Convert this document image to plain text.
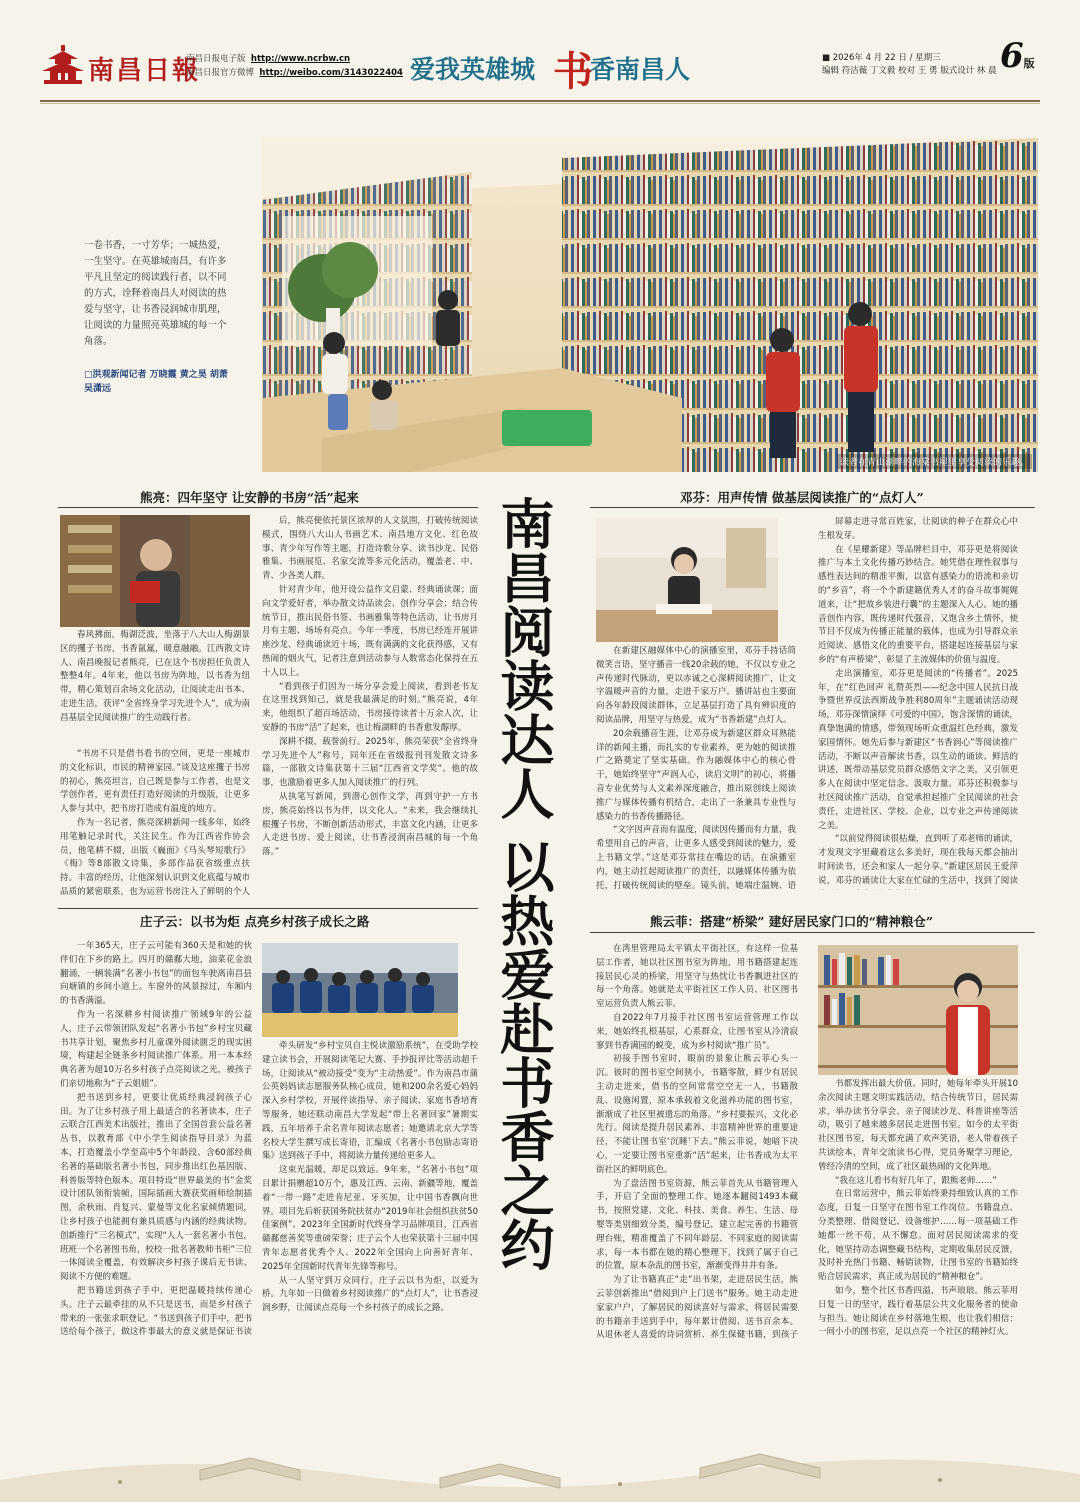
南昌日報
南昌日报电子版 http://www.ncrbw.cn
南昌日报官方微博 http://weibo.com/3143022404 爱我英雄城 书
香南昌人	■ 2026年 4 月 22 日 / 星期三
编辑 符洁薇 丁文毅 校对 王 勇 版式设计 林 晨 6版
一卷书香，一寸芳华；一城热爱，一生坚守。在英雄城南昌，有许多平凡且坚定的阅读践行者，以不同的方式，诠释着南昌人对阅读的热爱与坚守，让书香浸润城市肌理，让阅读的力量照亮英雄城的每一个角落。
□洪观新闻记者 万晓霞 黄之昊 胡萧 吴潇远
读者在青山湖畔的海棠书屋里享受阅读的乐趣。
南昌阅读达人 以热爱赴书香之约
熊亮：四年坚守 让安静的书房“活”起来

春风拂面，梅湖泛波，坐落于八大山人梅湖景区的攫子书房，书香氤氲，暖意融融。江西散文诗人、南昌晚报记者熊亮，已在这个书房担任负责人整整4年。4年来，他以书房为阵地，以书香为纽带，精心策划百余场文化活动，让阅读走出书本、走进生活，获评“全省终身学习先进个人”，成为南昌基层全民阅读推广的生动践行者。

“书房不只是借书看书的空间，更是一座城市的文化标识，市民的精神家园。”谈及这座攫子书房的初心，熊亮坦言，自己既是参与工作者，也是文学创作者，更有责任打造好阅读的升级版，让更多人参与其中，把书房打造成有温度的地方。

作为一名记者，熊亮深耕新闻一线多年，始终用笔触记录时代，关注民生。作为江西省作协会员，他笔耕不辍，出版《巍面》《马头琴短歌行》《梅》等8部散文诗集，多部作品获省级重点扶持。丰富的经历，让他深刻认识到文化底蕴与城市品质的紧密联系，也为运营书房注入了鲜明的个人

后，熊亮便依托景区浓厚的人文氛围，打破传统阅读模式，围绕八大山人书画艺术、南昌地方文化、红色故事、青少年写作等主题，打造诗歌分享、读书沙龙、民俗雅集、书画展览、名家交流等多元化活动，覆盖老、中、青、少各类人群。

针对青少年，他开设公益作文启蒙、经典诵读课；面向文学爱好者，举办散文诗品读会、创作分享会；结合传统节日，推出民俗书签、书画雅集等特色活动，让书房月月有主题、场场有亮点。今年一季度，书房已经连开展讲座沙龙、经典诵读近十场，既有满满的文化获得感，又有热闹的烟火气，记者注意到活动参与人数常态化保持在五十人以上。

“看到孩子们因为一场分享会爱上阅读，看到老书友在这里找到知己，就是我最满足的时刻。”熊亮说，4年来，他组织了超百场活动，书房接待读者十万余人次，让安静的书房“活”了起来，也让梅湖畔的书香愈发醇厚。

深耕不辍，载誉前行。2025年，熊亮荣获“全省终身学习先进个人”称号，同年还在省级报刊刊发散文诗多篇，一部散文诗集获第十三届“江西省文学奖”。他的故事，也激励着更多人加入阅读推广的行列。

从执笔写新闻，到潜心创作文学，再到守护一方书房，熊亮始终以书为伴，以文化人。“未来，我会继续扎根攫子书房，不断创新活动形式，丰富文化内涵，让更多人走进书房、爱上阅读，让书香浸润南昌城的每一个角落。”

庄子云：以书为炬 点亮乡村孩子成长之路

一年365天，庄子云可能有360天是和她的伙伴们在下乡的路上。四月的赣鄱大地，油菜花金浪翻涌，一辆装满“名著小书包”的面包车驶离南昌县向塘镇的乡间小道上。车窗外的风景掠过，车厢内的书香满溢。

作为一名深耕乡村阅读推广领域9年的公益人，庄子云带领团队发起“名著小书包”乡村宝贝藏书共享计划，聚焦乡村儿童课外阅读匮乏的现实困境，构建起全链条乡村阅读推广体系。用一本本经典名著为超10万名乡村孩子点亮阅读之光，被孩子们亲切地称为“子云姐姐”。

把书送到乡村，更要让优质经典浸润孩子心田。为了让乡村孩子用上最适合的名著读本，庄子云联合江西美术出版社，推出了全国首套公益名著丛书，以教育部《中小学生阅读指导目录》为蓝本，打造覆盖小学至高中5个年龄段、含60部经典名著的基础版名著小书包，同步推出红色基因版、科普版等特色版本。项目特设“世界最美的书”金奖设计团队领衔装帧，国际插画大赛获奖画师绘制插图，余秋雨、肖复兴、蒙曼等文化名家倾情题词，让乡村孩子也能拥有兼具质感与内涵的经典读物。创新推行“三名模式”，实现“人人一套名著小书包，班班一个名著图书角，校校一批名著教师书柜”三位一体阅读全覆盖，有效解决乡村孩子课后无书读、阅读不方便的难题。

把书籍送到孩子手中，更把温暖持续传递心头。庄子云最牵挂的从不只是送书，而是乡村孩子带来的一张张求职登记。“书送到孩子们手中，把书送给每个孩子，做这件事最大的意义就是保证书读

牵头研发“乡村宝贝自主悦读激励系统”，在受助学校建立读书会，开展阅读笔记大赛、手抄报评比等活动超千场，让阅读从“被动接受”变为“主动热爱”。作为南昌市蒲公英妈妈读志愿服务队核心成员，她和200余名爱心妈妈深入乡村学校，开展伴读指导、亲子阅读、家庭书香培育等服务，她还联动南昌大学发起“带上名著回家”暑期实践，五年培养千余名青年阅读志愿者；她邀请北京大学等名校大学生撰写成长寄语，汇编成《名著小书包励志寄语集》送到孩子手中，将阅读力量传递给更多人。

这束光温暖，却足以致远。9年来，“名著小书包”项目累计捐赠超10万个，惠及江西、云南、新疆等地，覆盖着“一带一路”走进肯尼亚、牙买加，让中国书香飘向世界。项目先后斩获国务院扶贫办“2019年社会组织扶贫50佳案例”、2023年全国新时代终身学习品牌项目，江西省赣鄱慈善奖等重磅荣誉；庄子云个人也荣获第十三届中国青年志愿者优秀个人、2022年全国向上向善好青年、2025年全国新时代青年先锋等称号。

从一人坚守到万众同行，庄子云以书为炬，以爱为桥。九年如一日做着乡村阅读推广的“点灯人”，让书香浸润乡野，让阅读点亮每一个乡村孩子的成长之路。

邓芬：用声传情 做基层阅读推广的“点灯人”

在新建区融媒体中心的演播室里，邓芬手持话筒微笑言语，坚守播音一线20余载的她，不仅以专业之声传递时代脉动，更以赤诚之心深耕阅读推广，让文字温暖声音的力量，走进千家万户。播讲站也主要面向各年龄段阅读群体，立足基层打造了具有辨识度的阅读品牌，用坚守与热爱，成为“书香新建”点灯人。

20余载播音生涯，让邓芬成为新建区群众耳熟能详的新闻主播，而扎实的专业素养，更为她的阅读推广之路奠定了坚实基础。作为融媒体中心的核心骨干，她始终坚守“声润人心，读启文明”的初心，将播音专业优势与人文素养深度融合，推出原创线上阅读推广与媒体传播有机结合，走出了一条兼具专业性与感染力的书香传播路径。

“文字因声音而有温度，阅读因传播而有力量，我希望用自己的声音，让更多人感受到阅读的魅力，爱上书籍文学。”这是邓芬常挂在嘴边的话。在演播室内，她主动扛起阅读推广的责任，以融媒体传播为依托，打破传统阅读的壁垒。镜头前，她端庄温婉、语

屏幕走进寻常百姓家，让阅读的种子在群众心中生根发芽。

在《星耀新建》等品牌栏目中，邓芬更是将阅读推广与本土文化传播巧妙结合。她凭借在理性叙事与感性表达间的精准平衡，以富有感染力的语流和亲切的“乡音”，将一个个新建籍优秀人才的奋斗故事娓娓道来，让“把故乡装进行囊”的主题深入人心。她的播音创作内容，既传递时代强音，又饱含乡土情怀，使节目不仅成为传播正能量的载体，也成为引导群众亲近阅读、感悟文化的重要平台，搭建起连接基层与家乡的“有声桥梁”，彰显了主流媒体的价值与温度。

走出演播室，邓芬更是阅读的“传播者”。2025年，在“红色回声 礼赞英烈——纪念中国人民抗日战争暨世界反法西斯战争胜利80周年”主题诵读活动现场，邓芬深情演绎《可爱的中国》，饱含深情的诵读，真挚饱满的情感，带领现场听众重温红色经典，激发家国情怀。她先后参与新建区“书香润心”等阅读推广活动，不断以声音解读书香，以生动的诵读、鲜活的讲述，既带动基层党员群众感悟文字之美，又引领更多人在阅读中坚定信念、汲取力量。邓芬还积极参与社区阅读推广活动，自觉承担起推广全民阅读的社会责任，走进社区、学校、企业，以专业之声传递阅读之美。

“以前觉得阅读很枯燥，直到听了邓老师的诵读，才发现文字里藏着这么多美好，现在我每天都会抽出时间读书，还会和家人一起分享。”新建区居民王爱萍说，邓芬的诵读让大家在忙碌的生活中，找到了阅读

熊云菲：搭建“桥梁” 建好居民家门口的“精神粮仓”

在湾里管理局太平镇太平街社区，有这样一位基层工作者，她以社区图书室为阵地，用书籍搭建起连接居民心灵的桥梁，用坚守与热忱让书香飘进社区的每一个角落。她就是太平街社区工作人员、社区图书室运营负责人熊云菲。

自2022年7月接手社区图书室运营管理工作以来，她始终扎根基层，心系群众，让图书室从冷清寂寥到书香满园的蜕变，成为乡村阅读“推广员”。

初接手图书室时，眼前的景象让熊云菲心头一沉。彼时的图书室空间狭小，书籍零散，鲜少有居民主动走进来，借书的空间常常空空无一人，书籍散乱、设施闲置，原本承载着文化滋养功能的图书室，渐渐成了社区里被遗忘的角落。“乡村要振兴，文化必先行。阅读是提升居民素养、丰富精神世界的重要途径，不能让图书室‘沉睡’下去。”熊云菲说，她暗下决心，一定要让图书室重新“活”起来，让书香成为太平街社区的鲜明底色。

为了盘活图书室资源，熊云菲首先从书籍管理入手，开启了全面的整理工作。她逐本翻阅1493本藏书，按照党建、文化、科技、美食、养生、生活、母婴等类别细致分类，编号登记，建立起完善的书籍管理台账，精准覆盖了不同年龄层、不同家庭的阅读需求，每一本书都在她的精心整理下，找到了属于自己的位置，原本杂乱的图书室，渐渐变得井井有条。

为了让书籍真正“走”出书架，走进居民生活，熊云菲创新推出“借阅到户上门送书”服务。她主动走进家家户户，了解居民的阅读喜好与需求，将居民需要的书籍亲手送到手中，每年累计借阅、送书百余本。从退休老人喜爱的诗词赏析、养生保健书籍，到孩子

书都发挥出最大价值。同时，她每年牵头开展10余次阅读主题文明实践活动，结合传统节日，居民需求，举办读书分享会、亲子阅读沙龙、科普讲座等活动，吸引了越来越多居民走进图书室。如今的太平街社区图书室，每天都充满了欢声笑语，老人带着孩子共读绘本，青年交流读书心得，党员务聚学习理论，曾经冷清的空间，成了社区最热闹的文化阵地。

“我在这儿看书有好几年了，跟熊老师……”

在日常运营中，熊云菲始终秉持细致认真的工作态度，日复一日坚守在图书室工作岗位。书籍盘点、分类整理、借阅登记、设备维护……每一项基础工作她都一丝不苟，从不懈怠。面对居民阅读需求的变化，她坚持动态调整藏书结构，定期收集居民反馈，及时补充热门书籍、畅销读物，让图书室的书籍始终贴合居民需求，真正成为居民的“精神粮仓”。

如今，整个社区书香四溢，书声琅琅。熊云菲用日复一日的坚守，践行着基层公共文化服务者的使命与担当。她让阅读在乡村落地生根，也让我们相信：一间小小的图书室，足以点亮一个社区的精神灯火。
